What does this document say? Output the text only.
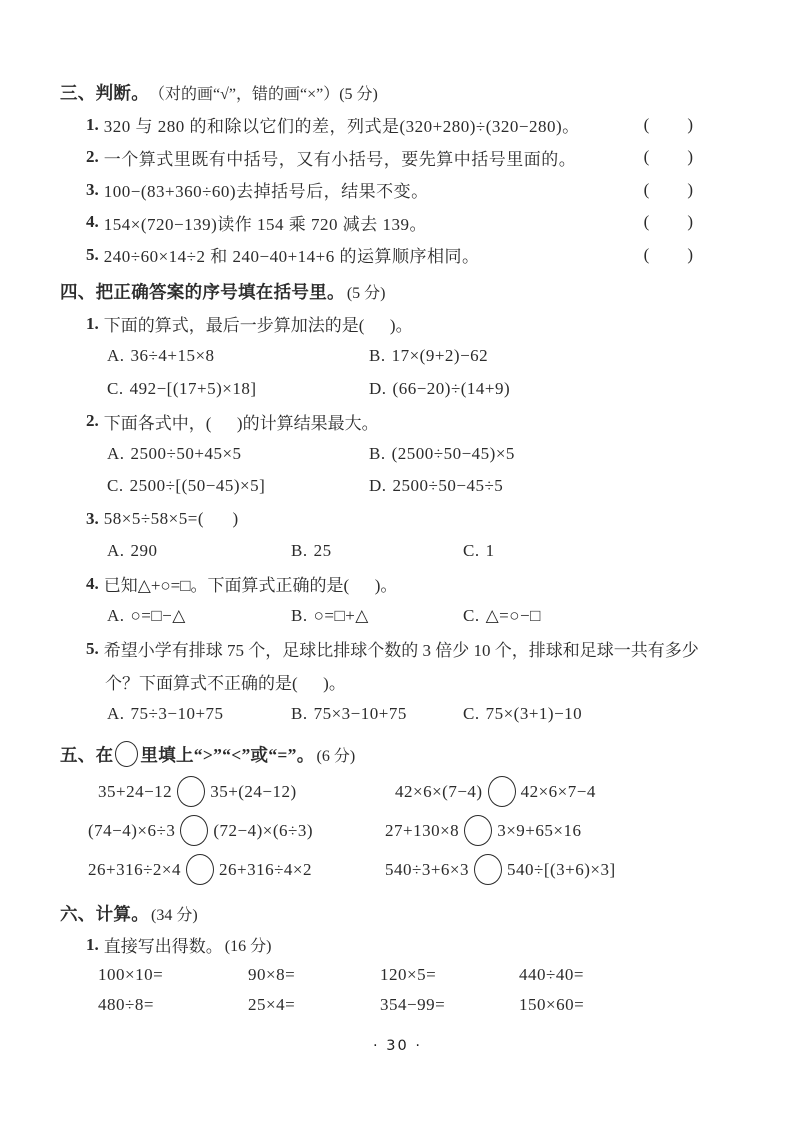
三、判断。 （对的画“√”，错的画“×”） (5 分)
1. 320 与 280 的和除以它们的差，列式是(320+280)÷(320−280)。	( )
2. 一个算式里既有中括号，又有小括号，要先算中括号里面的。	( )
3. 100−(83+360÷60)去掉括号后，结果不变。	( )
4. 154×(720−139)读作 154 乘 720 减去 139。	( )
5. 240÷60×14÷2 和 240−40+14+6 的运算顺序相同。	( )
四、把正确答案的序号填在括号里。 (5 分)
1. 下面的算式，最后一步算加法的是(      )。
A. 36÷4+15×8	B. 17×(9+2)−62
C. 492−[(17+5)×18]	D. (66−20)÷(14+9)
2. 下面各式中，(      )的计算结果最大。
A. 2500÷50+45×5	B. (2500÷50−45)×5
C. 2500÷[(50−45)×5]	D. 2500÷50−45÷5
3. 58×5÷58×5=(      )
A. 290	B. 25	C. 1
4. 已知△+○=□。下面算式正确的是(      )。
A. ○=□−△	B. ○=□+△	C. △=○−□
5. 希望小学有排球 75 个，足球比排球个数的 3 倍少 10 个，排球和足球一共有多少
个？下面算式不正确的是(      )。
A. 75÷3−10+75	B. 75×3−10+75	C. 75×(3+1)−10
五、在 里填上“>”“<”或“=”。 (6 分)
35+24−12 35+(24−12)	42×6×(7−4) 42×6×7−4
(74−4)×6÷3 (72−4)×(6÷3)	27+130×8 3×9+65×16
26+316÷2×4 26+316÷4×2	540÷3+6×3 540÷[(3+6)×3]
六、计算。 (34 分)
1. 直接写出得数。 (16 分)
100×10=	90×8=	120×5=	440÷40=
480÷8=	25×4=	354−99=	150×60=
· 30 ·
